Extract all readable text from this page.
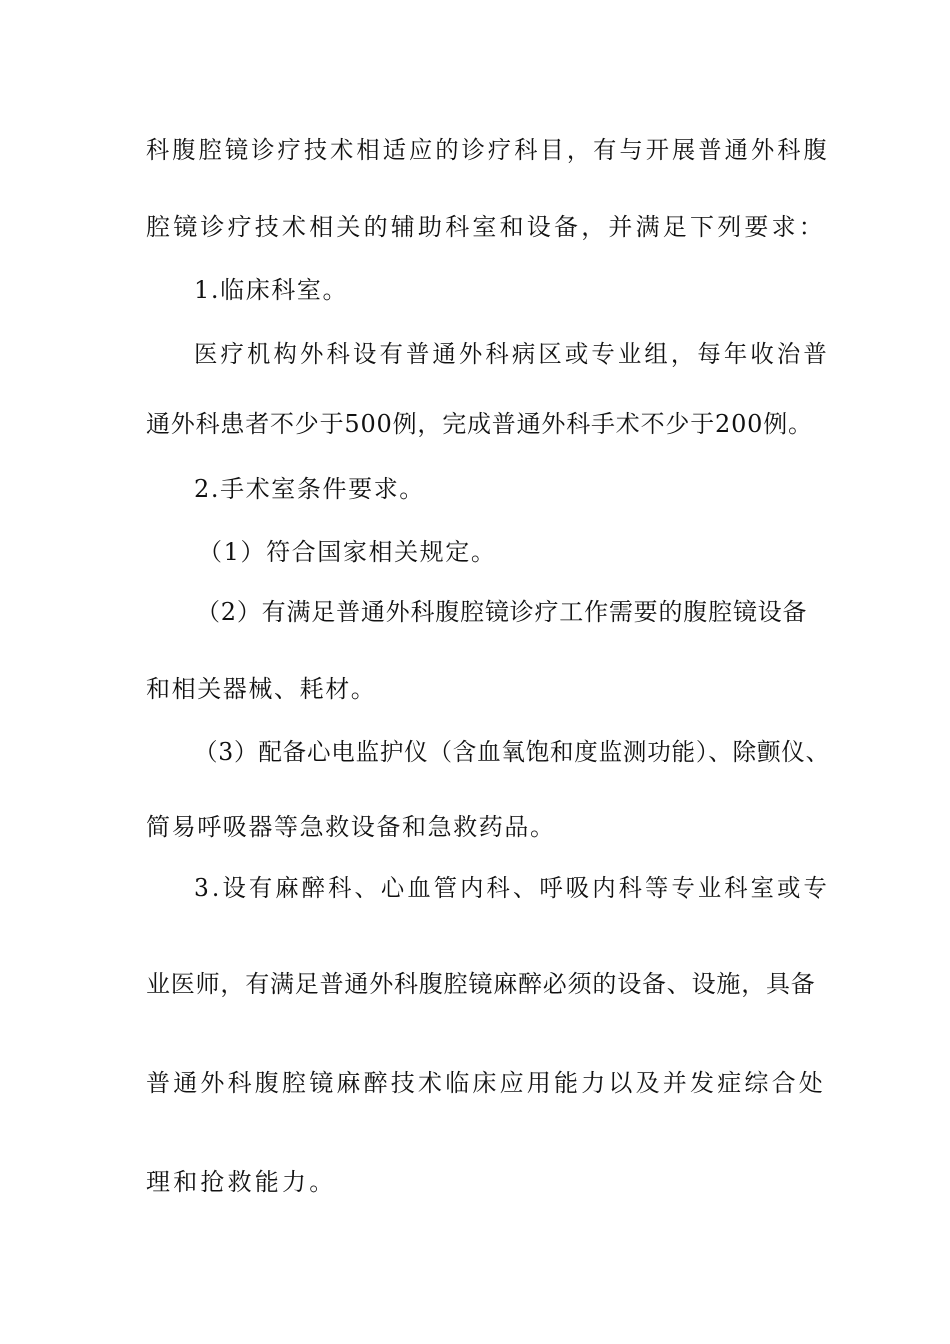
科腹腔镜诊疗技术相适应的诊疗科目，有与开展普通外科腹
腔镜诊疗技术相关的辅助科室和设备，并满足下列要求：
1.临床科室。
医疗机构外科设有普通外科病区或专业组，每年收治普
通外科患者不少于500例，完成普通外科手术不少于200例。
2.手术室条件要求。
（1）符合国家相关规定。
（2）有满足普通外科腹腔镜诊疗工作需要的腹腔镜设备
和相关器械、耗材。
（3）配备心电监护仪（含血氧饱和度监测功能）、除颤仪、
简易呼吸器等急救设备和急救药品。
3.设有麻醉科、心血管内科、呼吸内科等专业科室或专
业医师，有满足普通外科腹腔镜麻醉必须的设备、设施，具备
普通外科腹腔镜麻醉技术临床应用能力以及并发症综合处
理和抢救能力。
